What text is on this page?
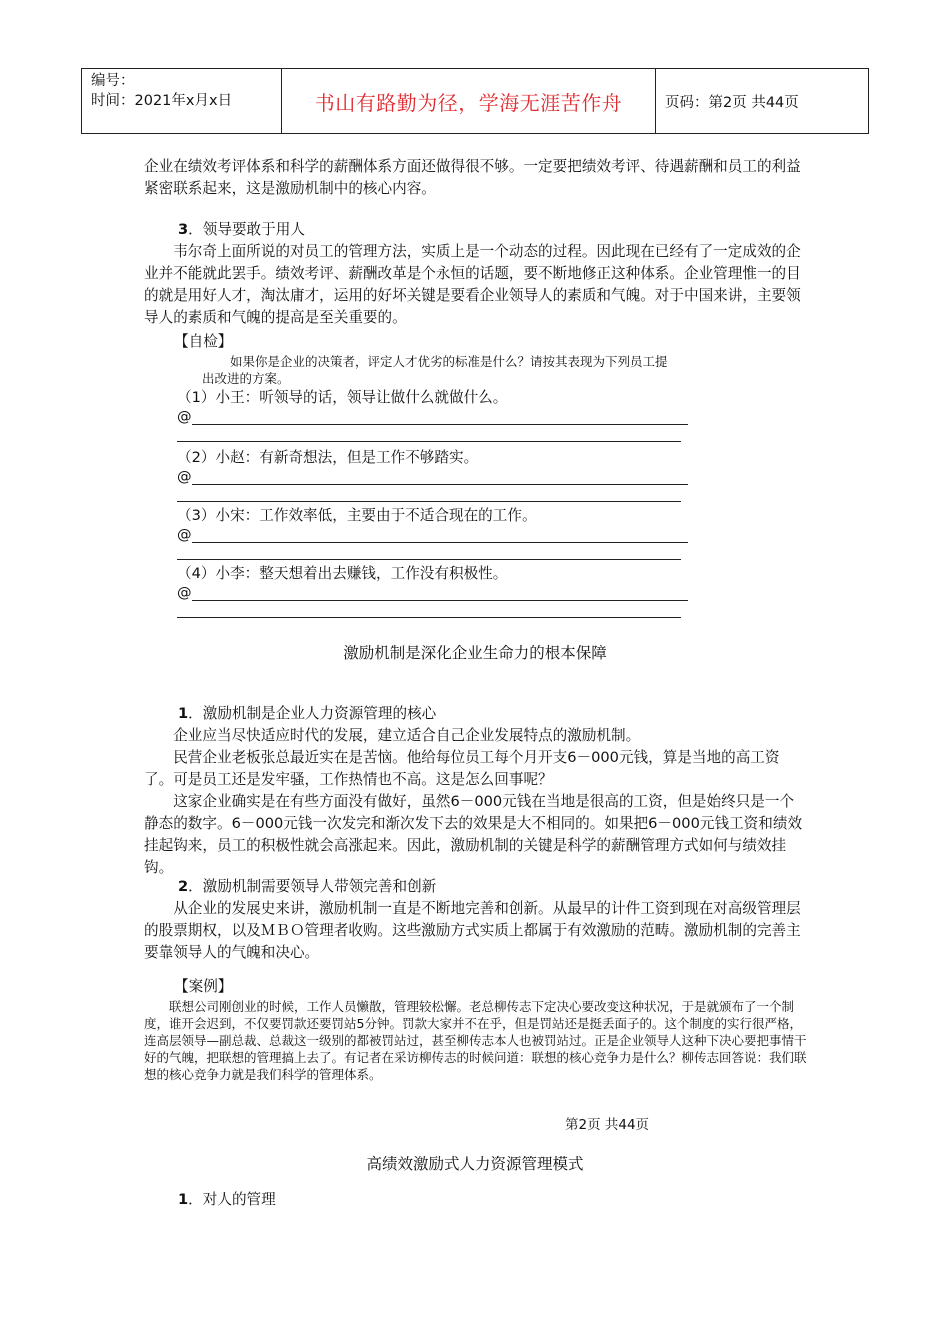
编号：
时间：2021年x月x日	书山有路勤为径，学海无涯苦作舟	页码：第2页 共44页

企业在绩效考评体系和科学的薪酬体系方面还做得很不够。一定要把绩效考评、待遇薪酬和员工的利益紧密联系起来，这是激励机制中的核心内容。

3．领导要敢于用人

韦尔奇上面所说的对员工的管理方法，实质上是一个动态的过程。因此现在已经有了一定成效的企业并不能就此罢手。绩效考评、薪酬改革是个永恒的话题，要不断地修正这种体系。企业管理惟一的目的就是用好人才，淘汰庸才，运用的好坏关键是要看企业领导人的素质和气魄。对于中国来讲，主要领导人的素质和气魄的提高是至关重要的。

【自检】

如果你是企业的决策者，评定人才优劣的标准是什么？请按其表现为下列员工提

出改进的方案。

（1）小王：听领导的话，领导让做什么就做什么。
@

（2）小赵：有新奇想法，但是工作不够踏实。
@

（3）小宋：工作效率低，主要由于不适合现在的工作。
@

（4）小李：整天想着出去赚钱，工作没有积极性。
@

激励机制是深化企业生命力的根本保障

1．激励机制是企业人力资源管理的核心

企业应当尽快适应时代的发展，建立适合自己企业发展特点的激励机制。

民营企业老板张总最近实在是苦恼。他给每位员工每个月开支6－000元钱，算是当地的高工资了。可是员工还是发牢骚，工作热情也不高。这是怎么回事呢？

这家企业确实是在有些方面没有做好，虽然6－000元钱在当地是很高的工资，但是始终只是一个静态的数字。6－000元钱一次发完和渐次发下去的效果是大不相同的。如果把6－000元钱工资和绩效挂起钩来，员工的积极性就会高涨起来。因此，激励机制的关键是科学的薪酬管理方式如何与绩效挂钩。

2．激励机制需要领导人带领完善和创新

从企业的发展史来讲，激励机制一直是不断地完善和创新。从最早的计件工资到现在对高级管理层的股票期权，以及ＭＢＯ管理者收购。这些激励方式实质上都属于有效激励的范畴。激励机制的完善主要靠领导人的气魄和决心。

【案例】

联想公司刚创业的时候，工作人员懒散，管理较松懈。老总柳传志下定决心要改变这种状况，于是就颁布了一个制度，谁开会迟到，不仅要罚款还要罚站5分钟。罚款大家并不在乎，但是罚站还是挺丢面子的。这个制度的实行很严格，连高层领导—副总裁、总裁这一级别的都被罚站过，甚至柳传志本人也被罚站过。正是企业领导人这种下决心要把事情干好的气魄，把联想的管理搞上去了。有记者在采访柳传志的时候问道：联想的核心竞争力是什么？柳传志回答说：我们联想的核心竞争力就是我们科学的管理体系。

第2页 共44页
高绩效激励式人力资源管理模式

1．对人的管理
